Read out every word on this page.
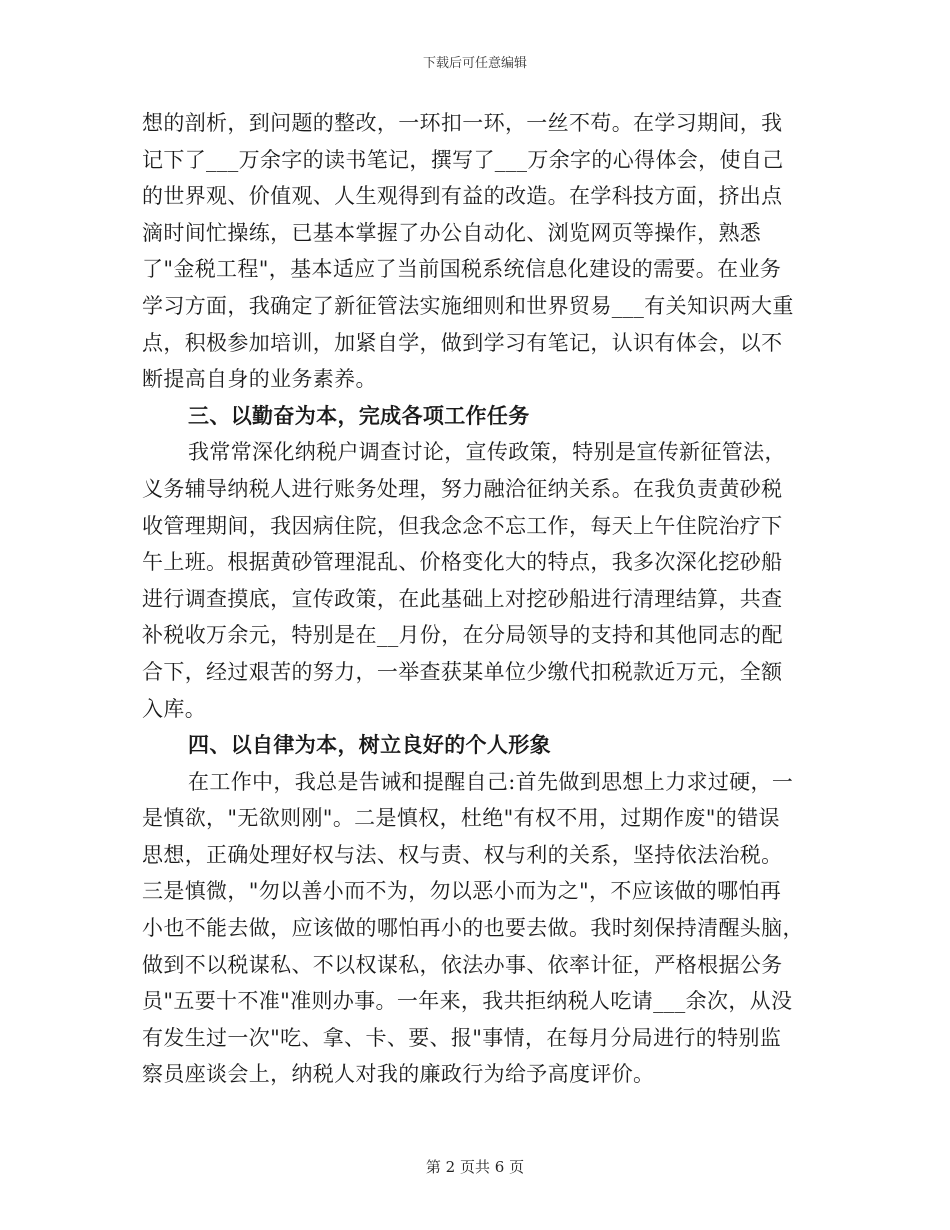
下载后可任意编辑
想的剖析，到问题的整改，一环扣一环，一丝不苟。在学习期间，我
记下了___万余字的读书笔记，撰写了___万余字的心得体会，使自己
的世界观、价值观、人生观得到有益的改造。在学科技方面，挤出点
滴时间忙操练，已基本掌握了办公自动化、浏览网页等操作，熟悉
了"金税工程"，基本适应了当前国税系统信息化建设的需要。在业务
学习方面，我确定了新征管法实施细则和世界贸易___有关知识两大重
点，积极参加培训，加紧自学，做到学习有笔记，认识有体会，以不
断提高自身的业务素养。
三、以勤奋为本，完成各项工作任务
我常常深化纳税户调查讨论，宣传政策，特别是宣传新征管法，
义务辅导纳税人进行账务处理，努力融洽征纳关系。在我负责黄砂税
收管理期间，我因病住院，但我念念不忘工作，每天上午住院治疗下
午上班。根据黄砂管理混乱、价格变化大的特点，我多次深化挖砂船
进行调查摸底，宣传政策，在此基础上对挖砂船进行清理结算，共查
补税收万余元，特别是在__月份，在分局领导的支持和其他同志的配
合下，经过艰苦的努力，一举查获某单位少缴代扣税款近万元，全额
入库。
四、以自律为本，树立良好的个人形象
在工作中，我总是告诫和提醒自己:首先做到思想上力求过硬，一
是慎欲，"无欲则刚"。二是慎权，杜绝"有权不用，过期作废"的错误
思想，正确处理好权与法、权与责、权与利的关系，坚持依法治税。
三是慎微，"勿以善小而不为，勿以恶小而为之"，不应该做的哪怕再
小也不能去做，应该做的哪怕再小的也要去做。我时刻保持清醒头脑，
做到不以税谋私、不以权谋私，依法办事、依率计征，严格根据公务
员"五要十不准"准则办事。一年来，我共拒纳税人吃请___余次，从没
有发生过一次"吃、拿、卡、要、报"事情，在每月分局进行的特别监
察员座谈会上，纳税人对我的廉政行为给予高度评价。
第 2 页共 6 页
